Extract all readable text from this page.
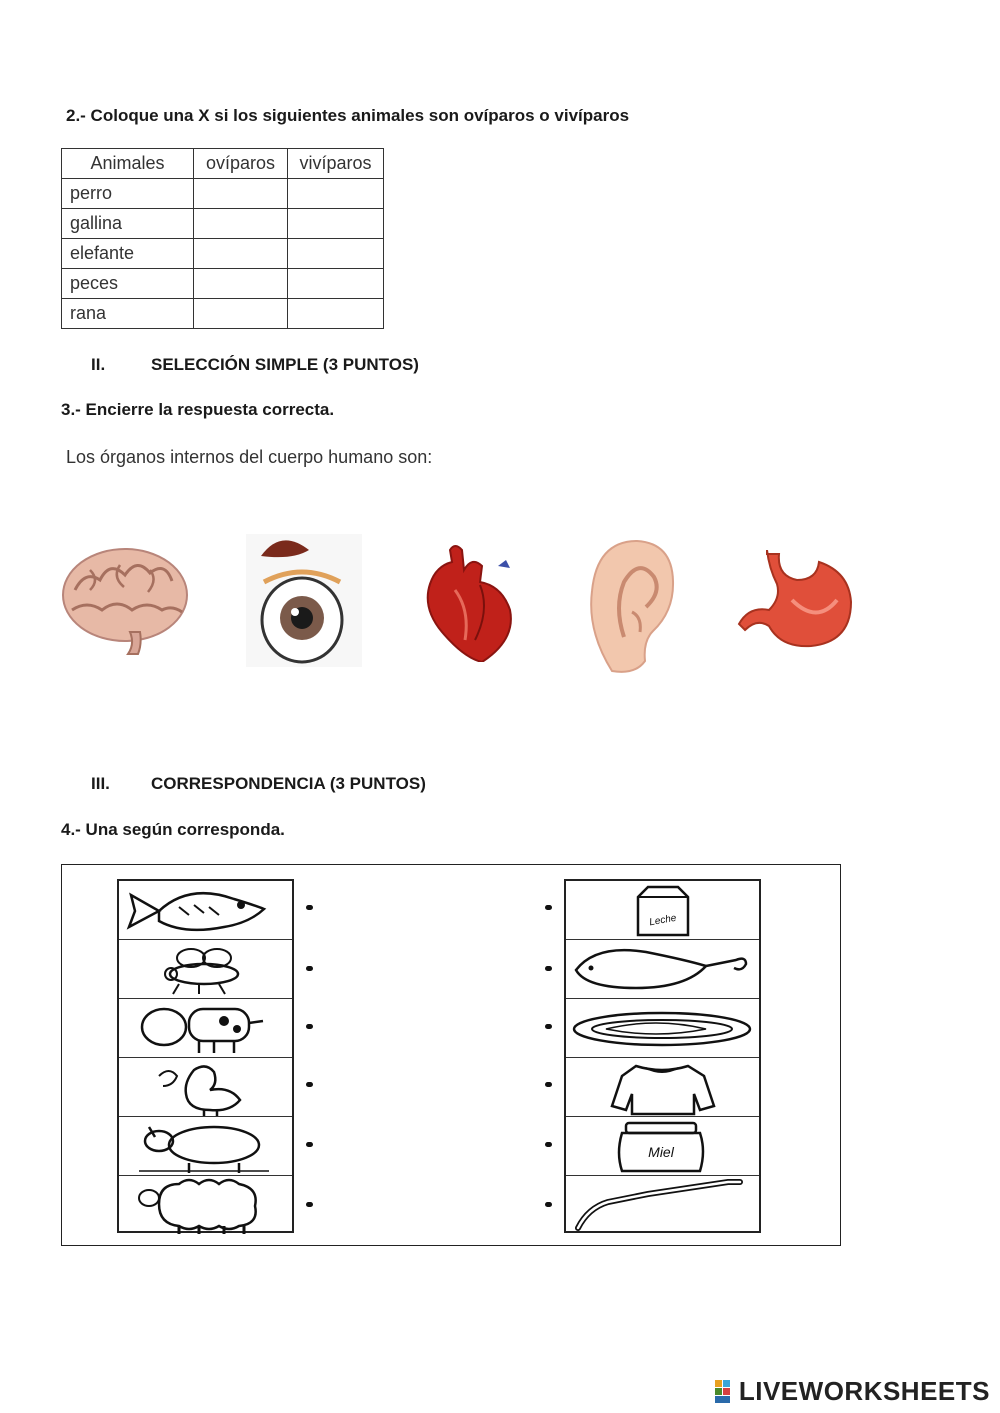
2.- Coloque una X si los siguientes animales son ovíparos o vivíparos
Animales	ovíparos	vivíparos
perro		
gallina		
elefante		
peces		
rana		
II.	SELECCIÓN SIMPLE (3 PUNTOS)
3.- Encierre la respuesta correcta.
Los órganos internos del cuerpo humano son:
III. CORRESPONDENCIA (3 PUNTOS)
4.- Una según corresponda.
Leche
Miel
LIVEWORKSHEETS
